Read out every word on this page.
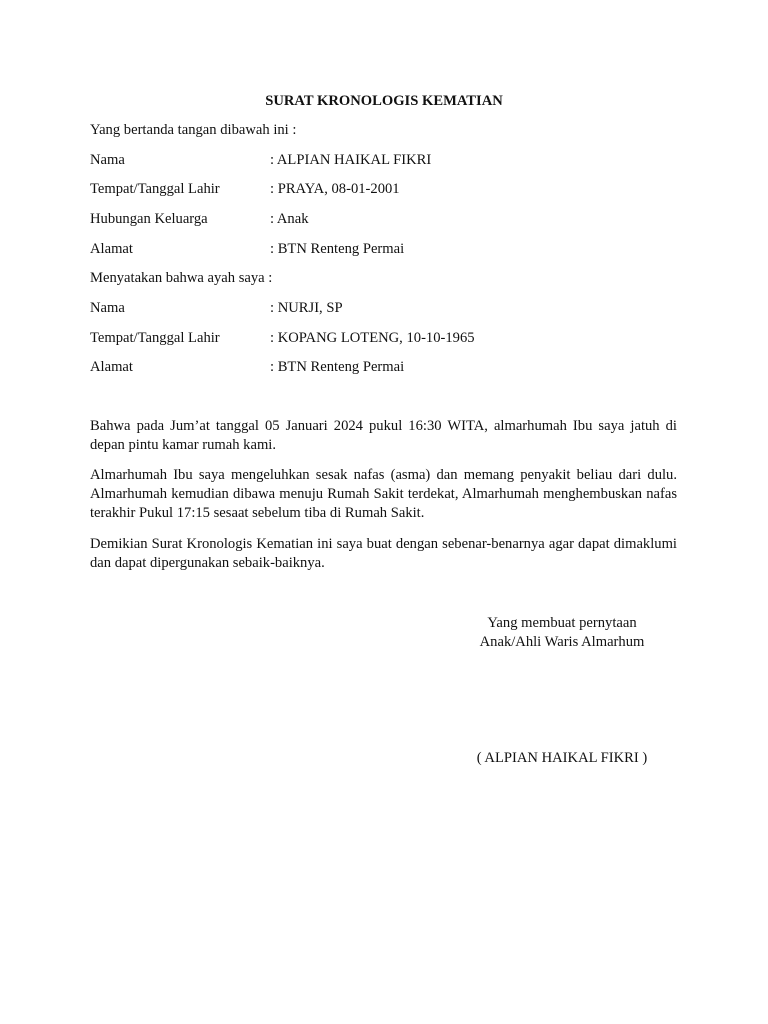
SURAT KRONOLOGIS KEMATIAN
Yang bertanda tangan dibawah ini :
Nama	: ALPIAN HAIKAL FIKRI
Tempat/Tanggal Lahir	: PRAYA, 08-01-2001
Hubungan Keluarga	: Anak
Alamat	: BTN Renteng Permai
Menyatakan bahwa ayah saya :
Nama	: NURJI, SP
Tempat/Tanggal Lahir	: KOPANG LOTENG, 10-10-1965
Alamat	: BTN Renteng Permai
Bahwa pada Jum’at tanggal 05 Januari 2024 pukul 16:30 WITA, almarhumah Ibu saya jatuh di depan pintu kamar rumah kami.
Almarhumah Ibu saya mengeluhkan sesak nafas (asma) dan memang penyakit beliau dari dulu. Almarhumah kemudian dibawa menuju Rumah Sakit terdekat, Almarhumah menghembuskan nafas terakhir Pukul 17:15 sesaat sebelum tiba di Rumah Sakit.
Demikian Surat Kronologis Kematian ini saya buat dengan sebenar-benarnya agar dapat dimaklumi dan dapat dipergunakan sebaik-baiknya.
Yang membuat pernytaan
Anak/Ahli Waris Almarhum
( ALPIAN HAIKAL FIKRI )
